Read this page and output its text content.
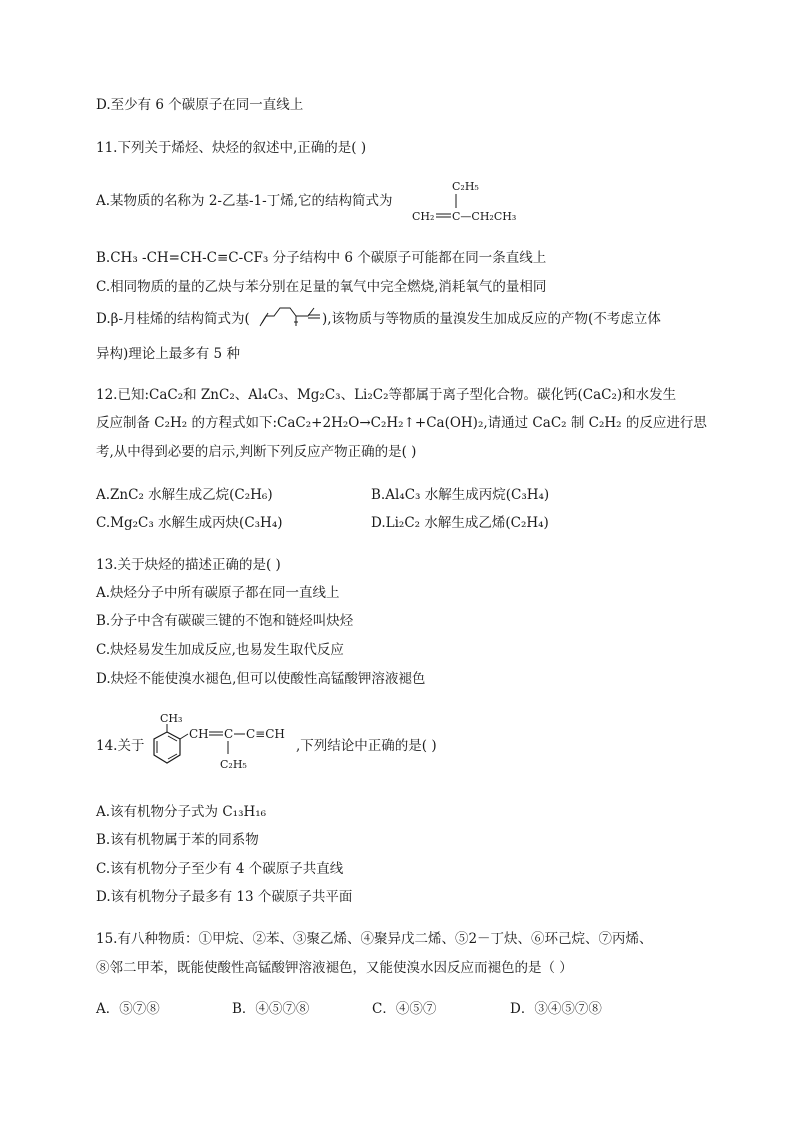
D.至少有 6 个碳原子在同一直线上
11.下列关于烯烃、炔烃的叙述中,正确的是( )
A.某物质的名称为 2-乙基-1-丁烯,它的结构简式为
C₂H₅
CH₂ C—CH₂CH₃
B.CH₃ -CH=CH-C≡C-CF₃ 分子结构中 6 个碳原子可能都在同一条直线上
C.相同物质的量的乙炔与苯分别在足量的氧气中完全燃烧,消耗氧气的量相同
D.β-月桂烯的结构简式为(	),该物质与等物质的量溴发生加成反应的产物(不考虑立体
异构)理论上最多有 5 种
12.已知:CaC₂和 ZnC₂、Al₄C₃、Mg₂C₃、Li₂C₂等都属于离子型化合物。碳化钙(CaC₂)和水发生
反应制备 C₂H₂ 的方程式如下:CaC₂+2H₂O→C₂H₂↑+Ca(OH)₂,请通过 CaC₂ 制 C₂H₂ 的反应进行思
考,从中得到必要的启示,判断下列反应产物正确的是( )
A.ZnC₂ 水解生成乙烷(C₂H₆)	B.Al₄C₃ 水解生成丙烷(C₃H₄)
C.Mg₂C₃ 水解生成丙炔(C₃H₄)	D.Li₂C₂ 水解生成乙烯(C₂H₄)
13.关于炔烃的描述正确的是( )
A.炔烃分子中所有碳原子都在同一直线上
B.分子中含有碳碳三键的不饱和链烃叫炔烃
C.炔烃易发生加成反应,也易发生取代反应
D.炔烃不能使溴水褪色,但可以使酸性高锰酸钾溶液褪色
14.关于
CH₃
CH C C≡CH
C₂H₅
,下列结论中正确的是( )
A.该有机物分子式为 C₁₃H₁₆
B.该有机物属于苯的同系物
C.该有机物分子至少有 4 个碳原子共直线
D.该有机物分子最多有 13 个碳原子共平面
15.有八种物质：①甲烷、②苯、③聚乙烯、④聚异戊二烯、⑤2－丁炔、⑥环己烷、⑦丙烯、
⑧邻二甲苯，既能使酸性高锰酸钾溶液褪色，又能使溴水因反应而褪色的是（ ）
A．⑤⑦⑧	B．④⑤⑦⑧	C．④⑤⑦	D．③④⑤⑦⑧
